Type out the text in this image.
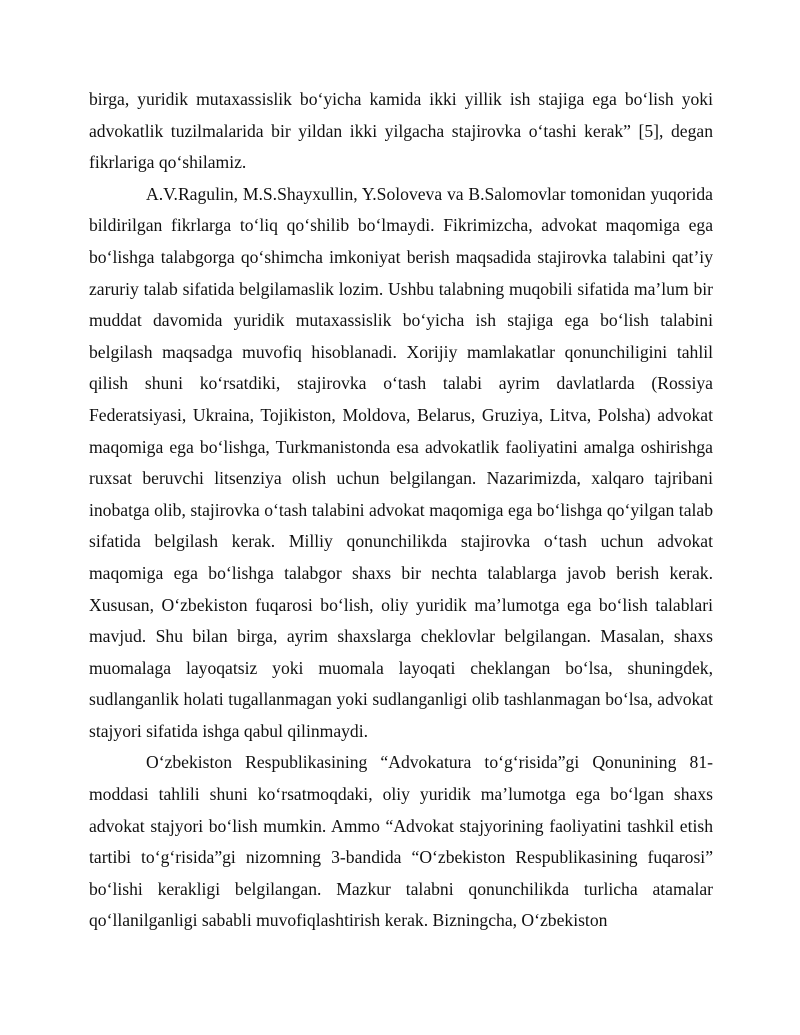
birga, yuridik mutaxassislik bo‘yicha kamida ikki yillik ish stajiga ega bo‘lish yoki advokatlik tuzilmalarida bir yildan ikki yilgacha stajirovka o‘tashi kerak” [5], degan fikrlariga qo‘shilamiz.

A.V.Ragulin, M.S.Shayxullin, Y.Soloveva va B.Salomovlar tomonidan yuqorida bildirilgan fikrlarga to‘liq qo‘shilib bo‘lmaydi. Fikrimizcha, advokat maqomiga ega bo‘lishga talabgorga qo‘shimcha imkoniyat berish maqsadida stajirovka talabini qat’iy zaruriy talab sifatida belgilamaslik lozim. Ushbu talabning muqobili sifatida ma’lum bir muddat davomida yuridik mutaxassislik bo‘yicha ish stajiga ega bo‘lish talabini belgilash maqsadga muvofiq hisoblanadi. Xorijiy mamlakatlar qonunchiligini tahlil qilish shuni ko‘rsatdiki, stajirovka o‘tash talabi ayrim davlatlarda (Rossiya Federatsiyasi, Ukraina, Tojikiston, Moldova, Belarus, Gruziya, Litva, Polsha) advokat maqomiga ega bo‘lishga, Turkmanistonda esa advokatlik faoliyatini amalga oshirishga ruxsat beruvchi litsenziya olish uchun belgilangan. Nazarimizda, xalqaro tajribani inobatga olib, stajirovka o‘tash talabini advokat maqomiga ega bo‘lishga qo‘yilgan talab sifatida belgilash kerak. Milliy qonunchilikda stajirovka o‘tash uchun advokat maqomiga ega bo‘lishga talabgor shaxs bir nechta talablarga javob berish kerak. Xususan, O‘zbekiston fuqarosi bo‘lish, oliy yuridik ma’lumotga ega bo‘lish talablari mavjud. Shu bilan birga, ayrim shaxslarga cheklovlar belgilangan. Masalan, shaxs muomalaga layoqatsiz yoki muomala layoqati cheklangan bo‘lsa, shuningdek, sudlanganlik holati tugallanmagan yoki sudlanganligi olib tashlanmagan bo‘lsa, advokat stajyori sifatida ishga qabul qilinmaydi.

O‘zbekiston Respublikasining “Advokatura to‘g‘risida”gi Qonunining 81-moddasi tahlili shuni ko‘rsatmoqdaki, oliy yuridik ma’lumotga ega bo‘lgan shaxs advokat stajyori bo‘lish mumkin. Ammo “Advokat stajyorining faoliyatini tashkil etish tartibi to‘g‘risida”gi nizomning 3-bandida “O‘zbekiston Respublikasining fuqarosi” bo‘lishi kerakligi belgilangan. Mazkur talabni qonunchilikda turlicha atamalar qo‘llanilganligi sababli muvofiqlashtirish kerak. Bizningcha, O‘zbekiston
